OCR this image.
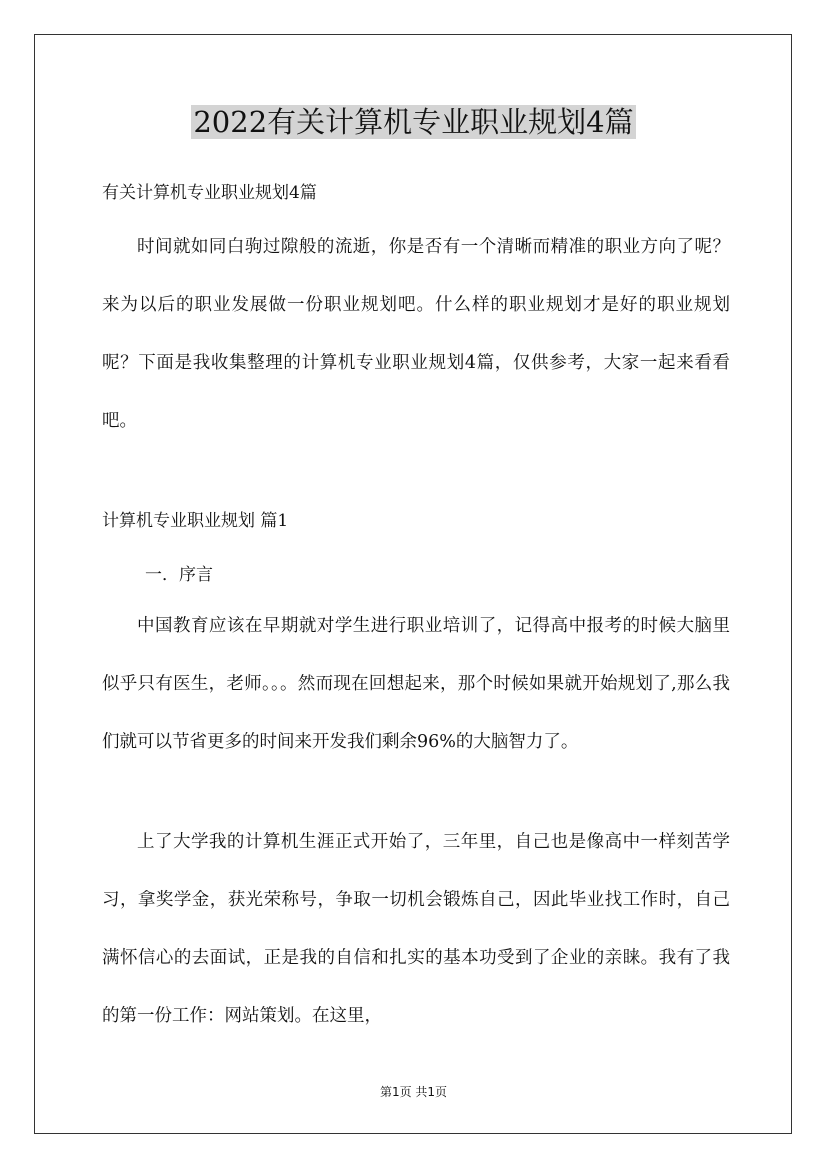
2022有关计算机专业职业规划4篇
有关计算机专业职业规划4篇

时间就如同白驹过隙般的流逝，你是否有一个清晰而精准的职业方向了呢？来为以后的职业发展做一份职业规划吧。什么样的职业规划才是好的职业规划呢？下面是我收集整理的计算机专业职业规划4篇，仅供参考，大家一起来看看吧。

计算机专业职业规划 篇1
一．序言

中国教育应该在早期就对学生进行职业培训了，记得高中报考的时候大脑里似乎只有医生，老师。。。然而现在回想起来，那个时候如果就开始规划了,那么我们就可以节省更多的时间来开发我们剩余96%的大脑智力了。

上了大学我的计算机生涯正式开始了，三年里，自己也是像高中一样刻苦学习，拿奖学金，获光荣称号，争取一切机会锻炼自己，因此毕业找工作时，自己满怀信心的去面试，正是我的自信和扎实的基本功受到了企业的亲睐。我有了我的第一份工作：网站策划。在这里，

第1页 共1页
